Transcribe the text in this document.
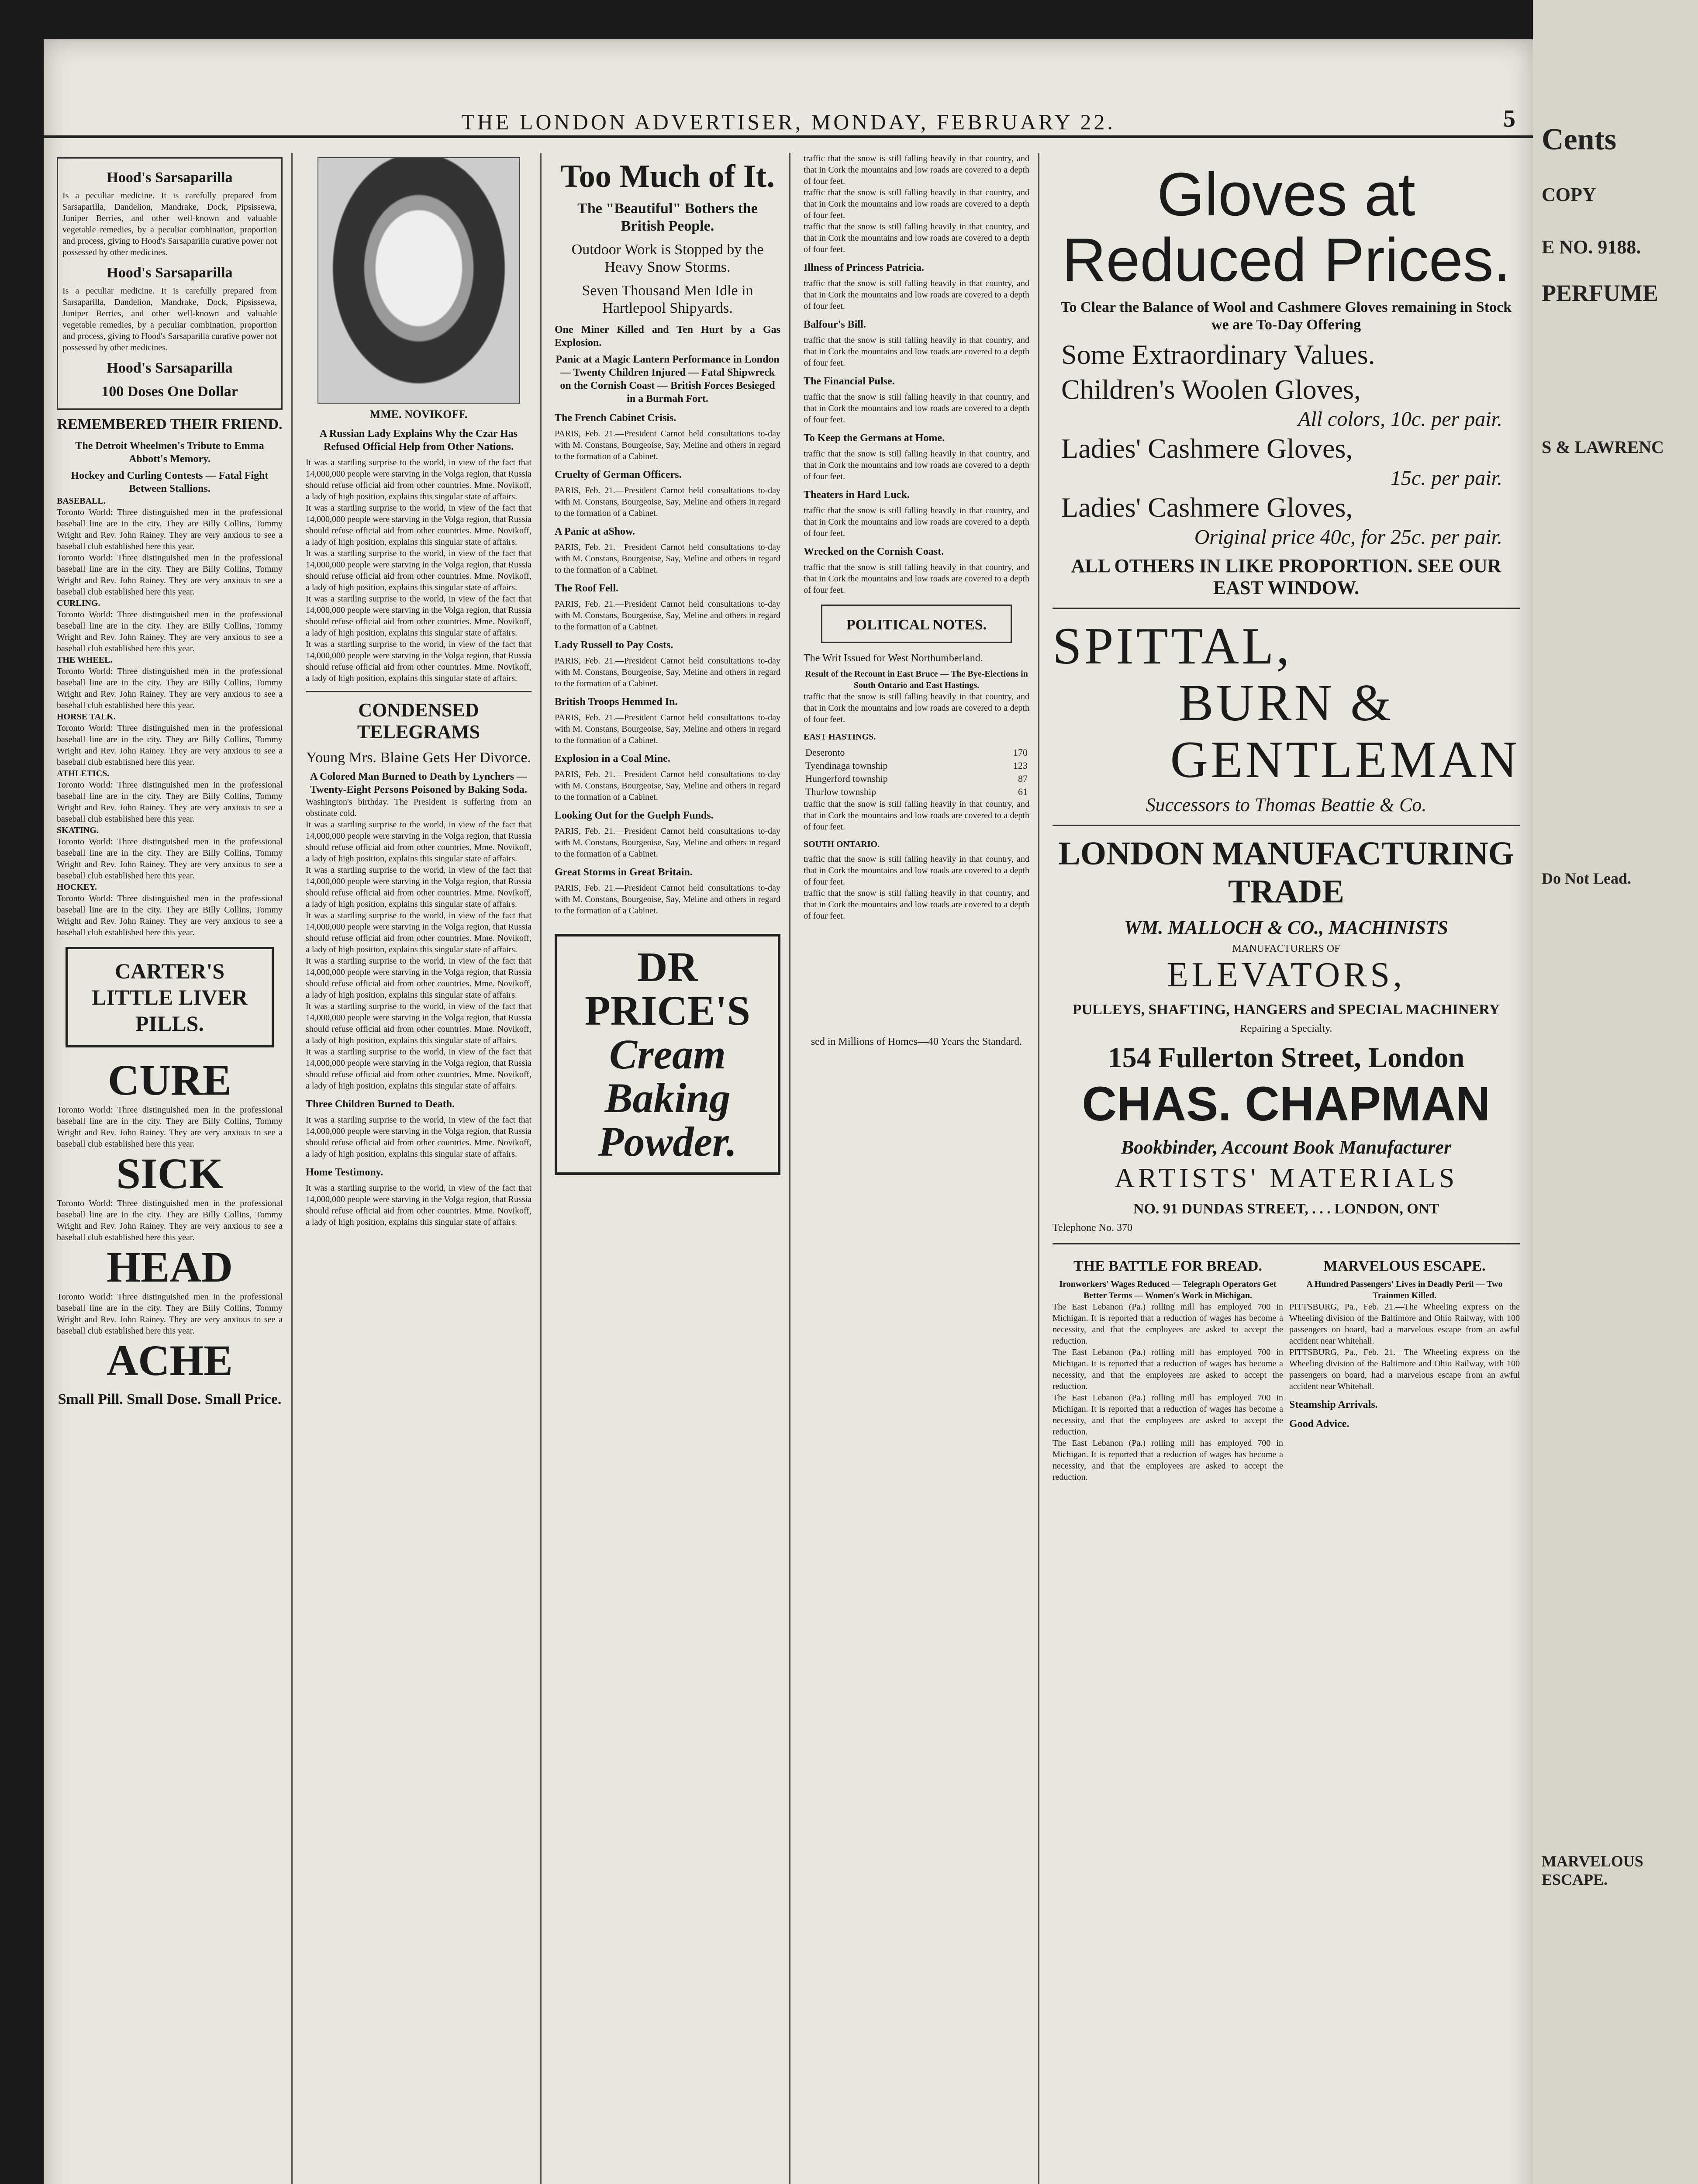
Cents
COPY
E NO. 9188.
PERFUME
S & LAWRENC
Do Not Lead.
MARVELOUS ESCAPE.
THE LONDON ADVERTISER, MONDAY, FEBRUARY 22.	5
Hood's Sarsaparilla
Is a peculiar medicine. It is carefully prepared from Sarsaparilla, Dandelion, Mandrake, Dock, Pipsissewa, Juniper Berries, and other well-known and valuable vegetable remedies, by a peculiar combination, proportion and process, giving to Hood's Sarsaparilla curative power not possessed by other medicines.
Hood's Sarsaparilla
Is a peculiar medicine. It is carefully prepared from Sarsaparilla, Dandelion, Mandrake, Dock, Pipsissewa, Juniper Berries, and other well-known and valuable vegetable remedies, by a peculiar combination, proportion and process, giving to Hood's Sarsaparilla curative power not possessed by other medicines.
Hood's Sarsaparilla
100 Doses One Dollar
REMEMBERED THEIR FRIEND.
The Detroit Wheelmen's Tribute to Emma Abbott's Memory.
Hockey and Curling Contests — Fatal Fight Between Stallions.
BASEBALL.
Toronto World: Three distinguished men in the professional baseball line are in the city. They are Billy Collins, Tommy Wright and Rev. John Rainey. They are very anxious to see a baseball club established here this year.
Toronto World: Three distinguished men in the professional baseball line are in the city. They are Billy Collins, Tommy Wright and Rev. John Rainey. They are very anxious to see a baseball club established here this year.
CURLING.
Toronto World: Three distinguished men in the professional baseball line are in the city. They are Billy Collins, Tommy Wright and Rev. John Rainey. They are very anxious to see a baseball club established here this year.
THE WHEEL.
Toronto World: Three distinguished men in the professional baseball line are in the city. They are Billy Collins, Tommy Wright and Rev. John Rainey. They are very anxious to see a baseball club established here this year.
HORSE TALK.
Toronto World: Three distinguished men in the professional baseball line are in the city. They are Billy Collins, Tommy Wright and Rev. John Rainey. They are very anxious to see a baseball club established here this year.
ATHLETICS.
Toronto World: Three distinguished men in the professional baseball line are in the city. They are Billy Collins, Tommy Wright and Rev. John Rainey. They are very anxious to see a baseball club established here this year.
SKATING.
Toronto World: Three distinguished men in the professional baseball line are in the city. They are Billy Collins, Tommy Wright and Rev. John Rainey. They are very anxious to see a baseball club established here this year.
HOCKEY.
Toronto World: Three distinguished men in the professional baseball line are in the city. They are Billy Collins, Tommy Wright and Rev. John Rainey. They are very anxious to see a baseball club established here this year.
CARTER'S LITTLE LIVER PILLS.
CURE
Toronto World: Three distinguished men in the professional baseball line are in the city. They are Billy Collins, Tommy Wright and Rev. John Rainey. They are very anxious to see a baseball club established here this year.
SICK
Toronto World: Three distinguished men in the professional baseball line are in the city. They are Billy Collins, Tommy Wright and Rev. John Rainey. They are very anxious to see a baseball club established here this year.
HEAD
Toronto World: Three distinguished men in the professional baseball line are in the city. They are Billy Collins, Tommy Wright and Rev. John Rainey. They are very anxious to see a baseball club established here this year.
ACHE
Small Pill. Small Dose. Small Price.
MME. NOVIKOFF.
A Russian Lady Explains Why the Czar Has Refused Official Help from Other Nations.
It was a startling surprise to the world, in view of the fact that 14,000,000 people were starving in the Volga region, that Russia should refuse official aid from other countries. Mme. Novikoff, a lady of high position, explains this singular state of affairs.
It was a startling surprise to the world, in view of the fact that 14,000,000 people were starving in the Volga region, that Russia should refuse official aid from other countries. Mme. Novikoff, a lady of high position, explains this singular state of affairs.
It was a startling surprise to the world, in view of the fact that 14,000,000 people were starving in the Volga region, that Russia should refuse official aid from other countries. Mme. Novikoff, a lady of high position, explains this singular state of affairs.
It was a startling surprise to the world, in view of the fact that 14,000,000 people were starving in the Volga region, that Russia should refuse official aid from other countries. Mme. Novikoff, a lady of high position, explains this singular state of affairs.
It was a startling surprise to the world, in view of the fact that 14,000,000 people were starving in the Volga region, that Russia should refuse official aid from other countries. Mme. Novikoff, a lady of high position, explains this singular state of affairs.
CONDENSED TELEGRAMS
Young Mrs. Blaine Gets Her Divorce.
A Colored Man Burned to Death by Lynchers — Twenty-Eight Persons Poisoned by Baking Soda.
Washington's birthday. The President is suffering from an obstinate cold.
It was a startling surprise to the world, in view of the fact that 14,000,000 people were starving in the Volga region, that Russia should refuse official aid from other countries. Mme. Novikoff, a lady of high position, explains this singular state of affairs.
It was a startling surprise to the world, in view of the fact that 14,000,000 people were starving in the Volga region, that Russia should refuse official aid from other countries. Mme. Novikoff, a lady of high position, explains this singular state of affairs.
It was a startling surprise to the world, in view of the fact that 14,000,000 people were starving in the Volga region, that Russia should refuse official aid from other countries. Mme. Novikoff, a lady of high position, explains this singular state of affairs.
It was a startling surprise to the world, in view of the fact that 14,000,000 people were starving in the Volga region, that Russia should refuse official aid from other countries. Mme. Novikoff, a lady of high position, explains this singular state of affairs.
It was a startling surprise to the world, in view of the fact that 14,000,000 people were starving in the Volga region, that Russia should refuse official aid from other countries. Mme. Novikoff, a lady of high position, explains this singular state of affairs.
It was a startling surprise to the world, in view of the fact that 14,000,000 people were starving in the Volga region, that Russia should refuse official aid from other countries. Mme. Novikoff, a lady of high position, explains this singular state of affairs.
Three Children Burned to Death.
It was a startling surprise to the world, in view of the fact that 14,000,000 people were starving in the Volga region, that Russia should refuse official aid from other countries. Mme. Novikoff, a lady of high position, explains this singular state of affairs.
Home Testimony.
It was a startling surprise to the world, in view of the fact that 14,000,000 people were starving in the Volga region, that Russia should refuse official aid from other countries. Mme. Novikoff, a lady of high position, explains this singular state of affairs.
Too Much of It.
The "Beautiful" Bothers the British People.
Outdoor Work is Stopped by the Heavy Snow Storms.
Seven Thousand Men Idle in Hartlepool Shipyards.
One Miner Killed and Ten Hurt by a Gas Explosion.
Panic at a Magic Lantern Performance in London — Twenty Children Injured — Fatal Shipwreck on the Cornish Coast — British Forces Besieged in a Burmah Fort.
The French Cabinet Crisis.
PARIS, Feb. 21.—President Carnot held consultations to-day with M. Constans, Bourgeoise, Say, Meline and others in regard to the formation of a Cabinet.
Cruelty of German Officers.
PARIS, Feb. 21.—President Carnot held consultations to-day with M. Constans, Bourgeoise, Say, Meline and others in regard to the formation of a Cabinet.
A Panic at aShow.
PARIS, Feb. 21.—President Carnot held consultations to-day with M. Constans, Bourgeoise, Say, Meline and others in regard to the formation of a Cabinet.
The Roof Fell.
PARIS, Feb. 21.—President Carnot held consultations to-day with M. Constans, Bourgeoise, Say, Meline and others in regard to the formation of a Cabinet.
Lady Russell to Pay Costs.
PARIS, Feb. 21.—President Carnot held consultations to-day with M. Constans, Bourgeoise, Say, Meline and others in regard to the formation of a Cabinet.
British Troops Hemmed In.
PARIS, Feb. 21.—President Carnot held consultations to-day with M. Constans, Bourgeoise, Say, Meline and others in regard to the formation of a Cabinet.
Explosion in a Coal Mine.
PARIS, Feb. 21.—President Carnot held consultations to-day with M. Constans, Bourgeoise, Say, Meline and others in regard to the formation of a Cabinet.
Looking Out for the Guelph Funds.
PARIS, Feb. 21.—President Carnot held consultations to-day with M. Constans, Bourgeoise, Say, Meline and others in regard to the formation of a Cabinet.
Great Storms in Great Britain.
PARIS, Feb. 21.—President Carnot held consultations to-day with M. Constans, Bourgeoise, Say, Meline and others in regard to the formation of a Cabinet.
DR PRICE'S
Cream Baking
Powder.
traffic that the snow is still falling heavily in that country, and that in Cork the mountains and low roads are covered to a depth of four feet.
traffic that the snow is still falling heavily in that country, and that in Cork the mountains and low roads are covered to a depth of four feet.
traffic that the snow is still falling heavily in that country, and that in Cork the mountains and low roads are covered to a depth of four feet.
Illness of Princess Patricia.
traffic that the snow is still falling heavily in that country, and that in Cork the mountains and low roads are covered to a depth of four feet.
Balfour's Bill.
traffic that the snow is still falling heavily in that country, and that in Cork the mountains and low roads are covered to a depth of four feet.
The Financial Pulse.
traffic that the snow is still falling heavily in that country, and that in Cork the mountains and low roads are covered to a depth of four feet.
To Keep the Germans at Home.
traffic that the snow is still falling heavily in that country, and that in Cork the mountains and low roads are covered to a depth of four feet.
Theaters in Hard Luck.
traffic that the snow is still falling heavily in that country, and that in Cork the mountains and low roads are covered to a depth of four feet.
Wrecked on the Cornish Coast.
traffic that the snow is still falling heavily in that country, and that in Cork the mountains and low roads are covered to a depth of four feet.
POLITICAL NOTES.
The Writ Issued for West Northumberland.
Result of the Recount in East Bruce — The Bye-Elections in South Ontario and East Hastings.
traffic that the snow is still falling heavily in that country, and that in Cork the mountains and low roads are covered to a depth of four feet.
EAST HASTINGS.
Deseronto	170
Tyendinaga township	123
Hungerford township	87
Thurlow township	61
traffic that the snow is still falling heavily in that country, and that in Cork the mountains and low roads are covered to a depth of four feet.
SOUTH ONTARIO.
traffic that the snow is still falling heavily in that country, and that in Cork the mountains and low roads are covered to a depth of four feet.
traffic that the snow is still falling heavily in that country, and that in Cork the mountains and low roads are covered to a depth of four feet.
sed in Millions of Homes—40 Years the Standard.
Gloves at Reduced Prices.
To Clear the Balance of Wool and Cashmere Gloves remaining in Stock we are To-Day Offering
Some Extraordinary Values.
Children's Woolen Gloves,
All colors, 10c. per pair.
Ladies' Cashmere Gloves,
15c. per pair.
Ladies' Cashmere Gloves,
Original price 40c, for 25c. per pair.
ALL OTHERS IN LIKE PROPORTION. SEE OUR EAST WINDOW.
SPITTAL,
BURN &
GENTLEMAN
Successors to Thomas Beattie & Co.
LONDON MANUFACTURING TRADE
WM. MALLOCH & CO., MACHINISTS
MANUFACTURERS OF
ELEVATORS,
PULLEYS, SHAFTING, HANGERS and SPECIAL MACHINERY
Repairing a Specialty.
154 Fullerton Street, London
CHAS. CHAPMAN
Bookbinder, Account Book Manufacturer
ARTISTS' MATERIALS
NO. 91 DUNDAS STREET, . . . LONDON, ONT
Telephone No. 370
THE BATTLE FOR BREAD.
Ironworkers' Wages Reduced — Telegraph Operators Get Better Terms — Women's Work in Michigan.
The East Lebanon (Pa.) rolling mill has employed 700 in Michigan. It is reported that a reduction of wages has become a necessity, and that the employees are asked to accept the reduction.
The East Lebanon (Pa.) rolling mill has employed 700 in Michigan. It is reported that a reduction of wages has become a necessity, and that the employees are asked to accept the reduction.
The East Lebanon (Pa.) rolling mill has employed 700 in Michigan. It is reported that a reduction of wages has become a necessity, and that the employees are asked to accept the reduction.
The East Lebanon (Pa.) rolling mill has employed 700 in Michigan. It is reported that a reduction of wages has become a necessity, and that the employees are asked to accept the reduction.
MARVELOUS ESCAPE.
A Hundred Passengers' Lives in Deadly Peril — Two Trainmen Killed.
PITTSBURG, Pa., Feb. 21.—The Wheeling express on the Wheeling division of the Baltimore and Ohio Railway, with 100 passengers on board, had a marvelous escape from an awful accident near Whitehall.
PITTSBURG, Pa., Feb. 21.—The Wheeling express on the Wheeling division of the Baltimore and Ohio Railway, with 100 passengers on board, had a marvelous escape from an awful accident near Whitehall.
Steamship Arrivals.
Good Advice.
